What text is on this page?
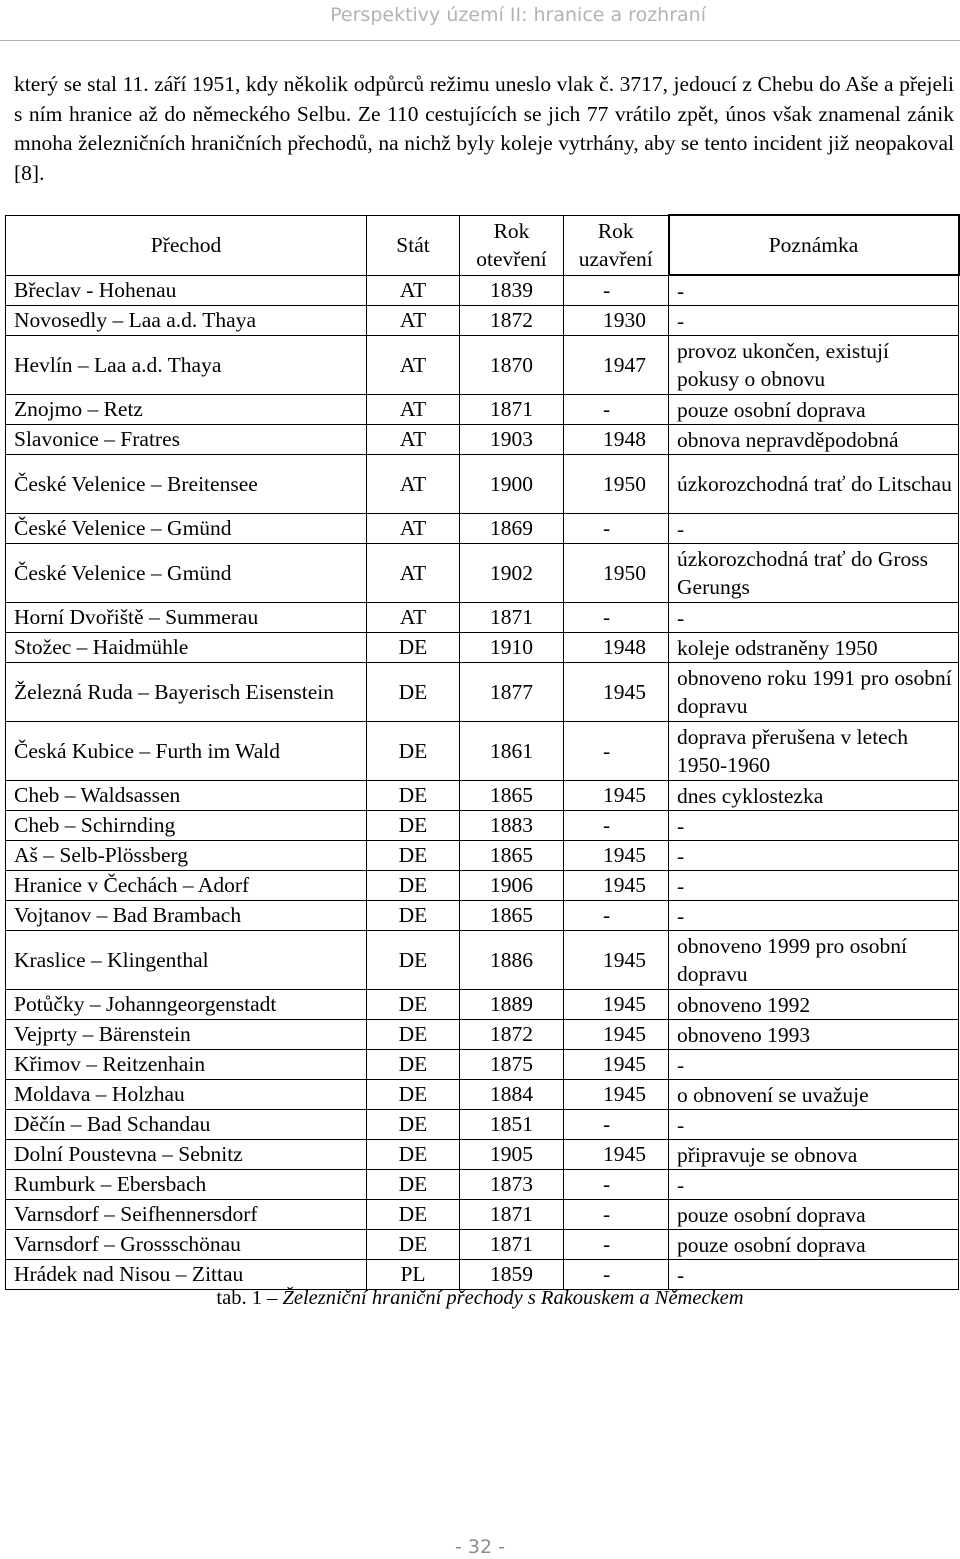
Perspektivy území II: hranice a rozhraní

který se stal 11. září 1951, kdy několik odpůrců režimu uneslo vlak č. 3717, jedoucí z Chebu do Aše a přejeli s ním hranice až do německého Selbu. Ze 110 cestujících se jich 77 vrátilo zpět, únos však znamenal zánik mnoha železničních hraničních přechodů, na nichž byly koleje vytrhány, aby se tento incident již neopakoval [8].

Přechod	Stát	Rok otevření	Rok uzavření	Poznámka
Břeclav - Hohenau	AT	1839	-	-
Novosedly – Laa a.d. Thaya	AT	1872	1930	-
Hevlín – Laa a.d. Thaya	AT	1870	1947	provoz ukončen, existují pokusy o obnovu
Znojmo – Retz	AT	1871	-	pouze osobní doprava
Slavonice – Fratres	AT	1903	1948	obnova nepravděpodobná
České Velenice – Breitensee	AT	1900	1950	úzkorozchodná trať do Litschau
České Velenice – Gmünd	AT	1869	-	-
České Velenice – Gmünd	AT	1902	1950	úzkorozchodná trať do Gross Gerungs
Horní Dvořiště – Summerau	AT	1871	-	-
Stožec – Haidmühle	DE	1910	1948	koleje odstraněny 1950
Železná Ruda – Bayerisch Eisenstein	DE	1877	1945	obnoveno roku 1991 pro osobní dopravu
Česká Kubice – Furth im Wald	DE	1861	-	doprava přerušena v letech 1950-1960
Cheb – Waldsassen	DE	1865	1945	dnes cyklostezka
Cheb – Schirnding	DE	1883	-	-
Aš – Selb-Plössberg	DE	1865	1945	-
Hranice v Čechách – Adorf	DE	1906	1945	-
Vojtanov – Bad Brambach	DE	1865	-	-
Kraslice – Klingenthal	DE	1886	1945	obnoveno 1999 pro osobní dopravu
Potůčky – Johanngeorgenstadt	DE	1889	1945	obnoveno 1992
Vejprty – Bärenstein	DE	1872	1945	obnoveno 1993
Křimov – Reitzenhain	DE	1875	1945	-
Moldava – Holzhau	DE	1884	1945	o obnovení se uvažuje
Děčín – Bad Schandau	DE	1851	-	-
Dolní Poustevna – Sebnitz	DE	1905	1945	připravuje se obnova
Rumburk – Ebersbach	DE	1873	-	-
Varnsdorf – Seifhennersdorf	DE	1871	-	pouze osobní doprava
Varnsdorf – Grossschönau	DE	1871	-	pouze osobní doprava
Hrádek nad Nisou – Zittau	PL	1859	-	-

tab. 1 – Železniční hraniční přechody s Rakouskem a Německem

- 32 -
